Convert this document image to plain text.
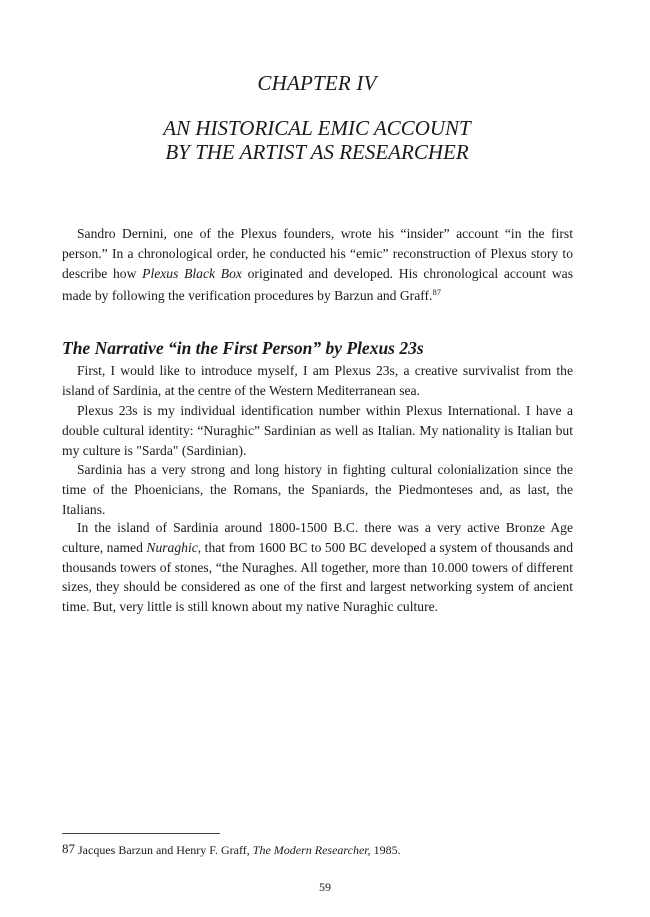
CHAPTER IV
AN HISTORICAL EMIC ACCOUNT
BY THE ARTIST AS RESEARCHER

Sandro Dernini, one of the Plexus founders, wrote his “insider” account “in the first person.” In a chronological order, he conducted his “emic” reconstruction of Plexus story to describe how Plexus Black Box originated and developed. His chronological account was made by following the verification procedures by Barzun and Graff.$^{87}$

The Narrative “in the First Person” by Plexus 23s

First, I would like to introduce myself, I am Plexus 23s, a creative survivalist from the island of Sardinia, at the centre of the Western Mediterranean sea.

Plexus 23s is my individual identification number within Plexus International. I have a double cultural identity: “Nuraghic” Sardinian as well as Italian. My nationality is Italian but my culture is "Sarda" (Sardinian).

Sardinia has a very strong and long history in fighting cultural colonialization since the time of the Phoenicians, the Romans, the Spaniards, the Piedmonteses and, as last, the Italians.

In the island of Sardinia around 1800-1500 B.C. there was a very active Bronze Age culture, named Nuraghic, that from 1600 BC to 500 BC developed a system of thousands and thousands towers of stones, “the Nuraghes. All together, more than 10.000 towers of different sizes, they should be considered as one of the first and largest networking system of ancient time. But, very little is still known about my native Nuraghic culture.

87 Jacques Barzun and Henry F. Graff, The Modern Researcher, 1985.

59
